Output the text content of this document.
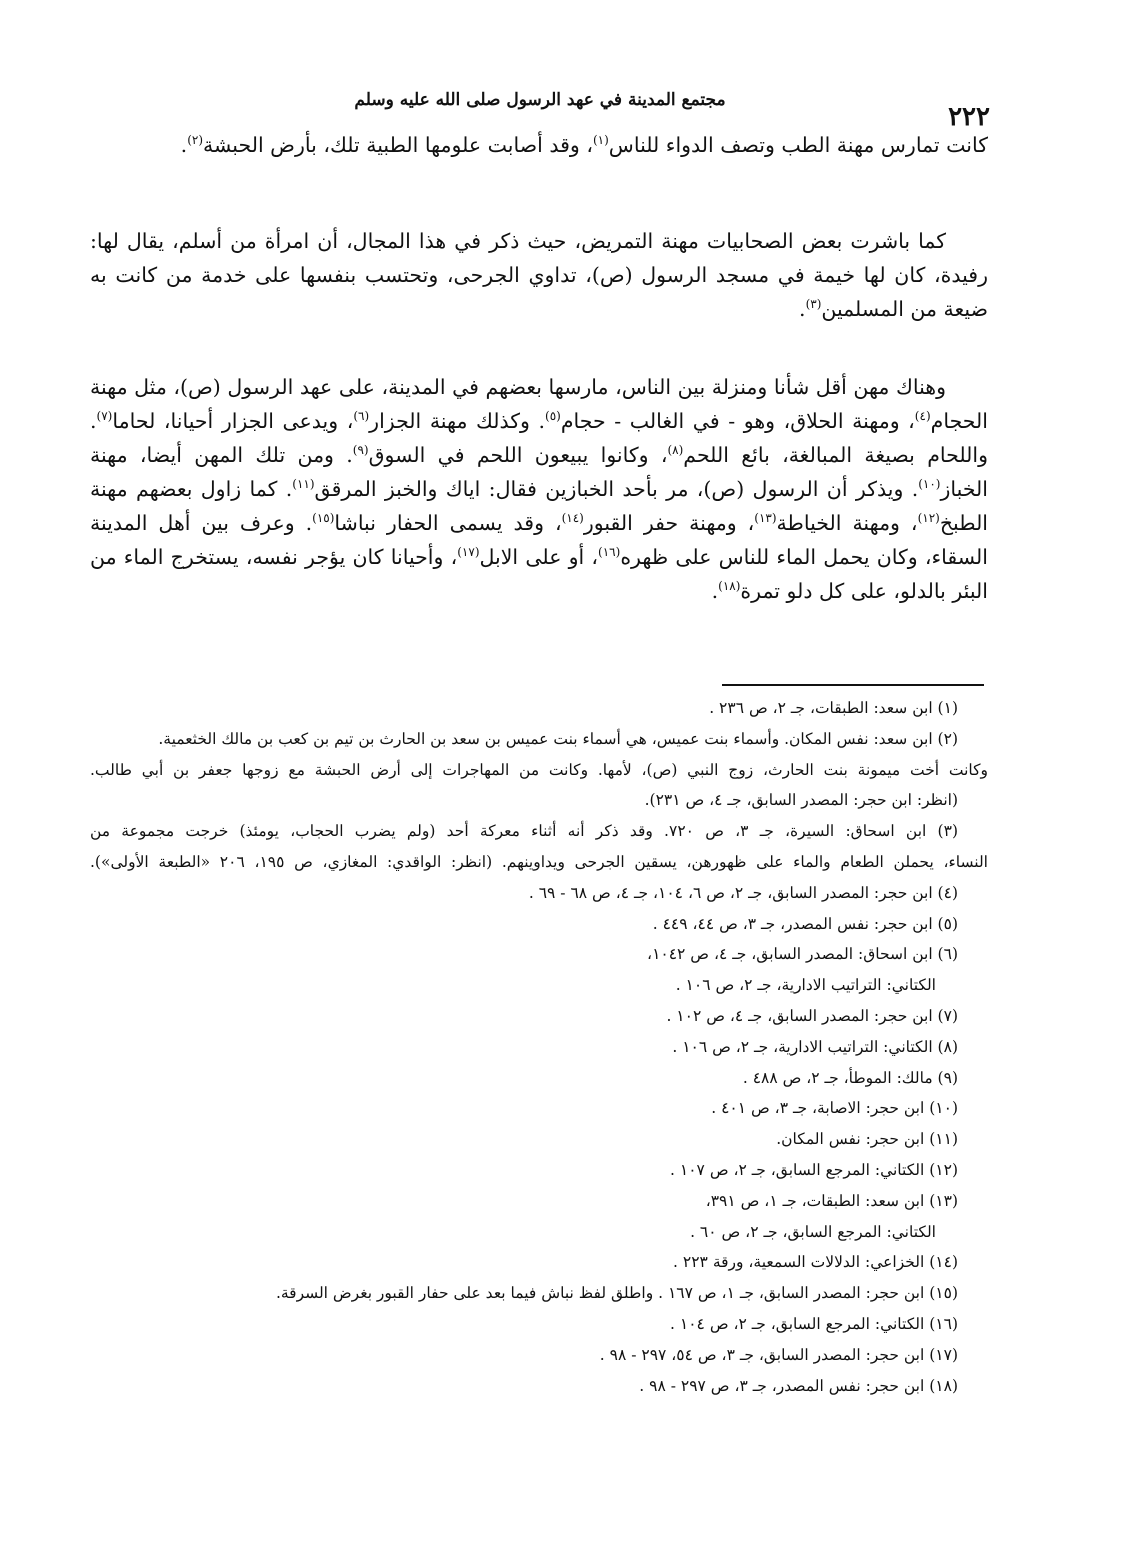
٢٢٢
مجتمع المدينة في عهد الرسول صلى الله عليه وسلم

كانت تمارس مهنة الطب وتصف الدواء للناس$^{(١)}$، وقد أصابت علومها الطبية تلك، بأرض الحبشة$^{(٢)}$.

كما باشرت بعض الصحابيات مهنة التمريض، حيث ذكر في هذا المجال، أن امرأة من أسلم، يقال لها: رفيدة، كان لها خيمة في مسجد الرسول (ص)، تداوي الجرحى، وتحتسب بنفسها على خدمة من كانت به ضيعة من المسلمين$^{(٣)}$.

وهناك مهن أقل شأنا ومنزلة بين الناس، مارسها بعضهم في المدينة، على عهد الرسول (ص)، مثل مهنة الحجام$^{(٤)}$، ومهنة الحلاق، وهو - في الغالب - حجام$^{(٥)}$. وكذلك مهنة الجزار$^{(٦)}$، ويدعى الجزار أحيانا، لحاما$^{(٧)}$. واللحام بصيغة المبالغة، بائع اللحم$^{(٨)}$، وكانوا يبيعون اللحم في السوق$^{(٩)}$. ومن تلك المهن أيضا، مهنة الخباز$^{(١٠)}$. ويذكر أن الرسول (ص)، مر بأحد الخبازين فقال: اياك والخبز المرقق$^{(١١)}$. كما زاول بعضهم مهنة الطبخ$^{(١٢)}$، ومهنة الخياطة$^{(١٣)}$، ومهنة حفر القبور$^{(١٤)}$، وقد يسمى الحفار نباشا$^{(١٥)}$. وعرف بين أهل المدينة السقاء، وكان يحمل الماء للناس على ظهره$^{(١٦)}$، أو على الابل$^{(١٧)}$، وأحيانا كان يؤجر نفسه، يستخرج الماء من البئر بالدلو، على كل دلو تمرة$^{(١٨)}$.

(١) ابن سعد: الطبقات، جـ ٢، ص ٢٣٦ .

(٢) ابن سعد: نفس المكان. وأسماء بنت عميس، هي أسماء بنت عميس بن سعد بن الحارث بن تيم بن كعب بن مالك الخثعمية.

وكانت أخت ميمونة بنت الحارث، زوج النبي (ص)، لأمها. وكانت من المهاجرات إلى أرض الحبشة مع زوجها جعفر بن أبي طالب.

(انظر: ابن حجر: المصدر السابق، جـ ٤، ص ٢٣١).

(٣) ابن اسحاق: السيرة، جـ ٣، ص ٧٢٠. وقد ذكر أنه أثناء معركة أحد (ولم يضرب الحجاب، يومئذ) خرجت مجموعة من

النساء، يحملن الطعام والماء على ظهورهن، يسقين الجرحى ويداوينهم. (انظر: الواقدي: المغازي، ص ١٩٥، ٢٠٦ «الطبعة الأولى»).

(٤) ابن حجر: المصدر السابق، جـ ٢، ص ٦، ١٠٤، جـ ٤، ص ٦٨ - ٦٩ .

(٥) ابن حجر: نفس المصدر، جـ ٣، ص ٤٤، ٤٤٩ .

(٦) ابن اسحاق: المصدر السابق، جـ ٤، ص ١٠٤٢،

الكتاني: التراتيب الادارية، جـ ٢، ص ١٠٦ .

(٧) ابن حجر: المصدر السابق، جـ ٤، ص ١٠٢ .

(٨) الكتاني: التراتيب الادارية، جـ ٢، ص ١٠٦ .

(٩) مالك: الموطأ، جـ ٢، ص ٤٨٨ .

(١٠) ابن حجر: الاصابة، جـ ٣، ص ٤٠١ .

(١١) ابن حجر: نفس المكان.

(١٢) الكتاني: المرجع السابق، جـ ٢، ص ١٠٧ .

(١٣) ابن سعد: الطبقات، جـ ١، ص ٣٩١،

الكتاني: المرجع السابق، جـ ٢، ص ٦٠ .

(١٤) الخزاعي: الدلالات السمعية، ورقة ٢٢٣ .

(١٥) ابن حجر: المصدر السابق، جـ ١، ص ١٦٧ . واطلق لفظ نباش فيما بعد على حفار القبور بغرض السرقة.

(١٦) الكتاني: المرجع السابق، جـ ٢، ص ١٠٤ .

(١٧) ابن حجر: المصدر السابق، جـ ٣، ص ٥٤، ٢٩٧ - ٩٨ .

(١٨) ابن حجر: نفس المصدر، جـ ٣، ص ٢٩٧ - ٩٨ .
